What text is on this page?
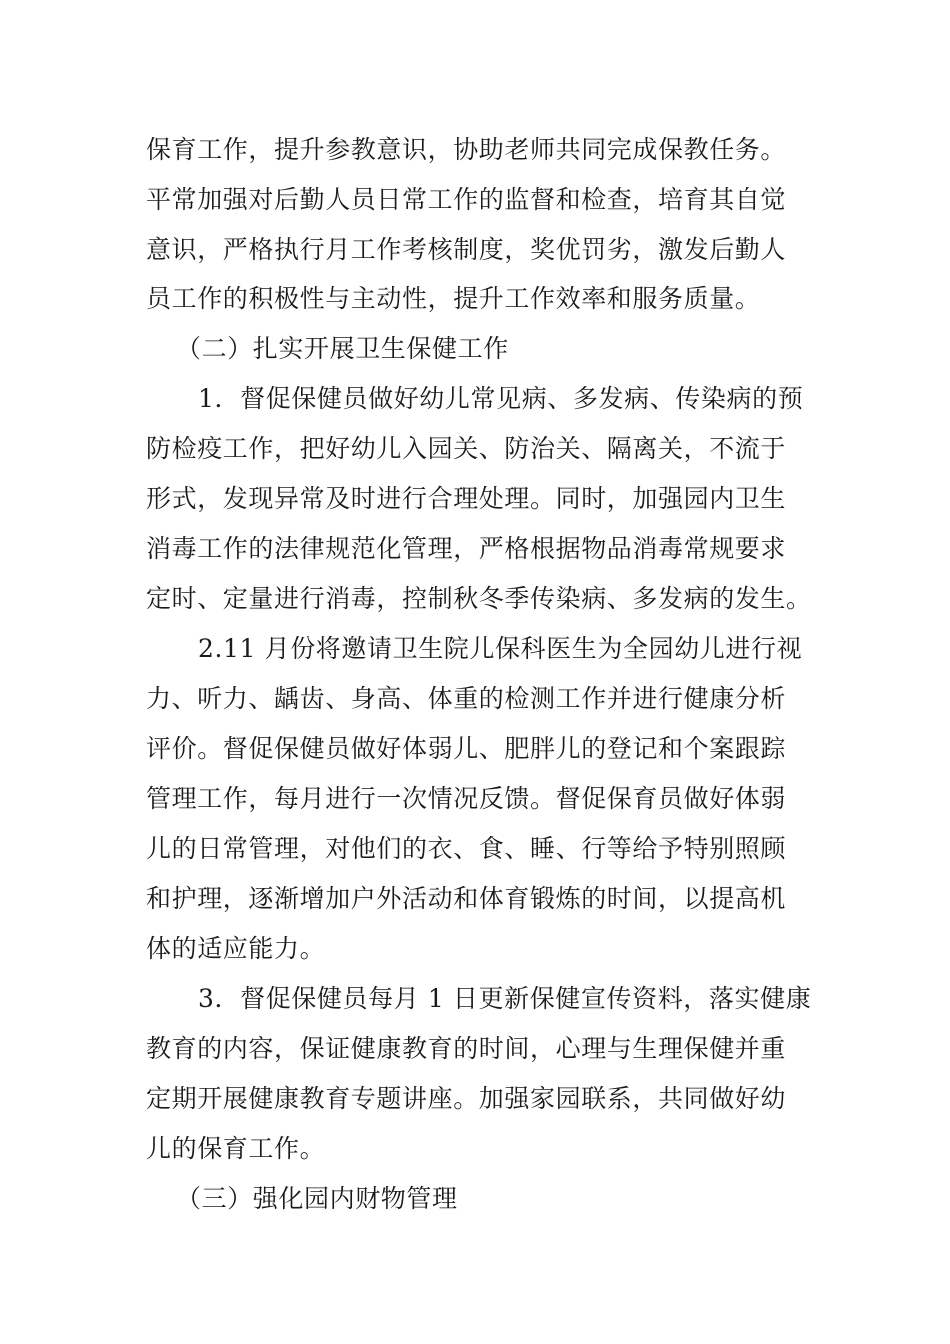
保育工作，提升参教意识，协助老师共同完成保教任务。
平常加强对后勤人员日常工作的监督和检查，培育其自觉
意识，严格执行月工作考核制度，奖优罚劣，激发后勤人
员工作的积极性与主动性，提升工作效率和服务质量。
（二）扎实开展卫生保健工作
1．督促保健员做好幼儿常见病、多发病、传染病的预
防检疫工作，把好幼儿入园关、防治关、隔离关，不流于
形式，发现异常及时进行合理处理。同时，加强园内卫生
消毒工作的法律规范化管理，严格根据物品消毒常规要求
定时、定量进行消毒，控制秋冬季传染病、多发病的发生。
2.11 月份将邀请卫生院儿保科医生为全园幼儿进行视
力、听力、龋齿、身高、体重的检测工作并进行健康分析
评价。督促保健员做好体弱儿、肥胖儿的登记和个案跟踪
管理工作，每月进行一次情况反馈。督促保育员做好体弱
儿的日常管理，对他们的衣、食、睡、行等给予特别照顾
和护理，逐渐增加户外活动和体育锻炼的时间，以提高机
体的适应能力。
3．督促保健员每月 1 日更新保健宣传资料，落实健康
教育的内容，保证健康教育的时间，心理与生理保健并重
定期开展健康教育专题讲座。加强家园联系，共同做好幼
儿的保育工作。
（三）强化园内财物管理
